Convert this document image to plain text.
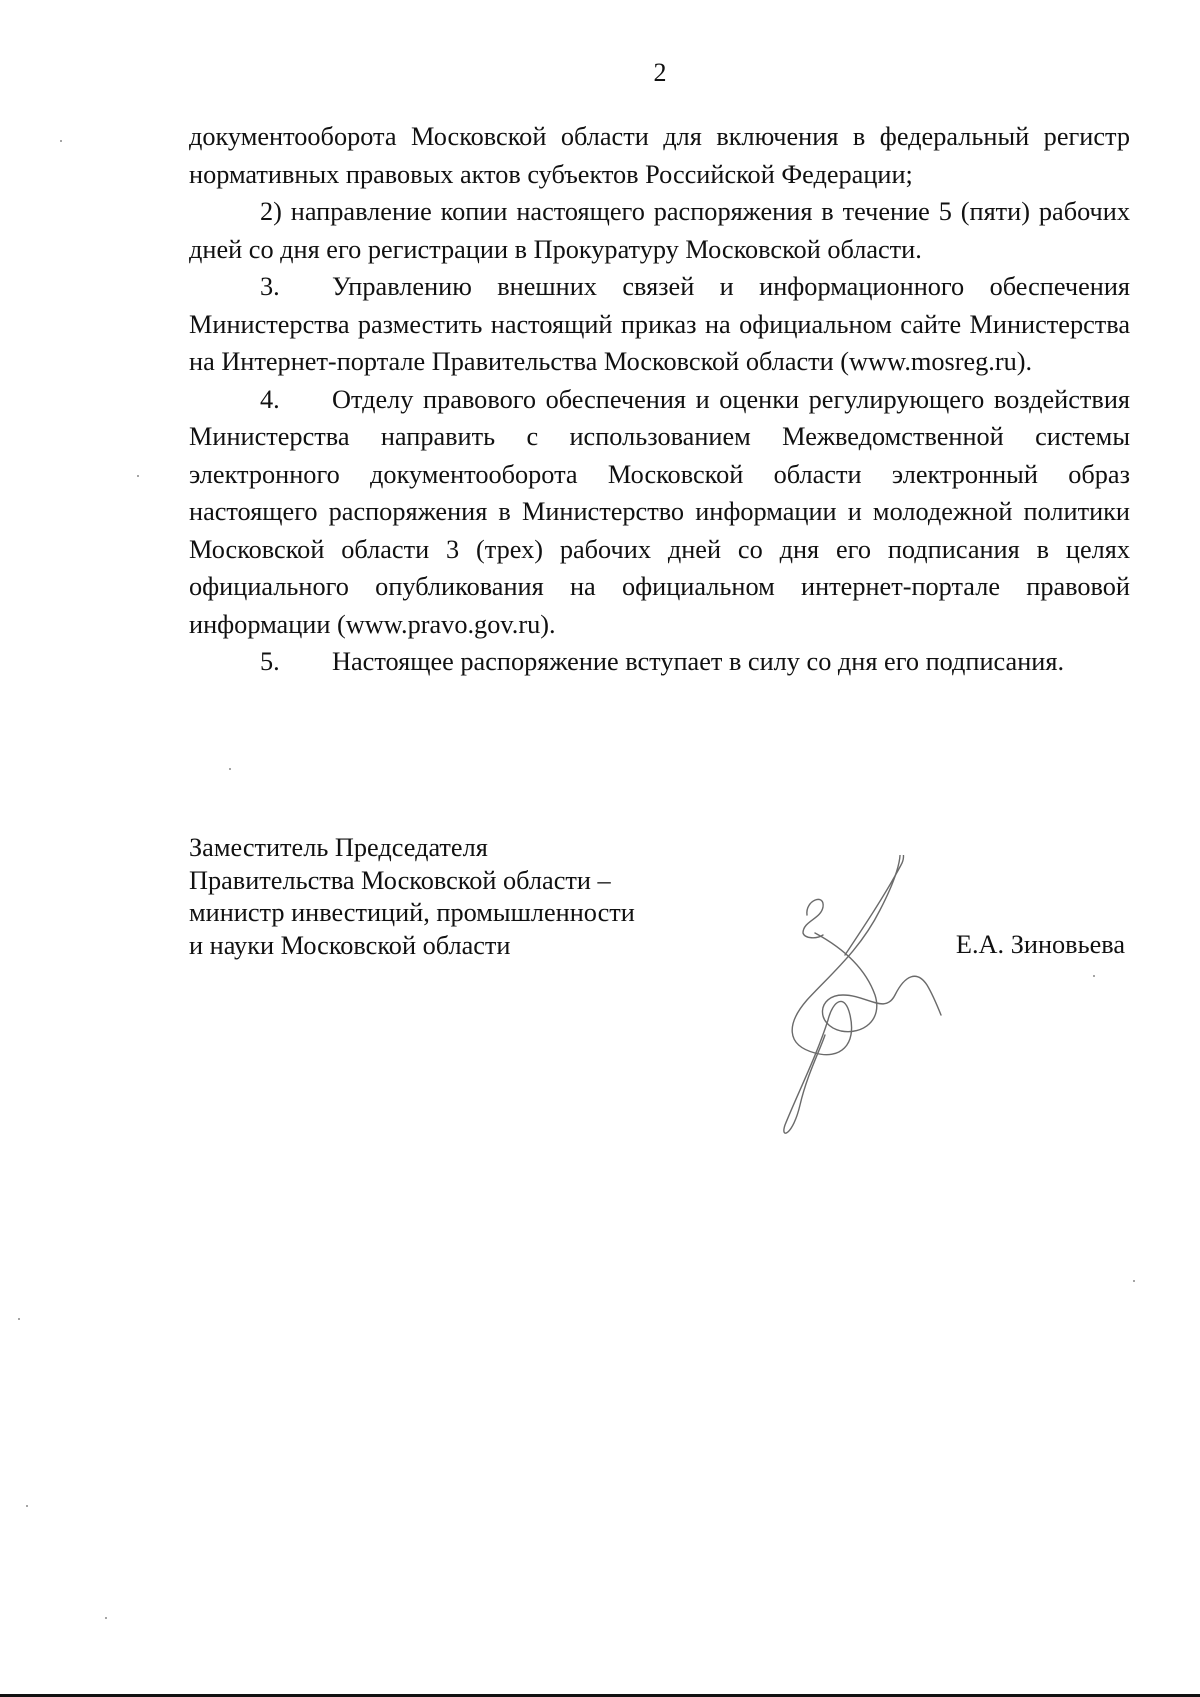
2

документооборота Московской области для включения в федеральный регистр нормативных правовых актов субъектов Российской Федерации;

2) направление копии настоящего распоряжения в течение 5 (пяти) рабочих дней со дня его регистрации в Прокуратуру Московской области.

3. Управлению внешних связей и информационного обеспечения Министерства разместить настоящий приказ на официальном сайте Министерства на Интернет-портале Правительства Московской области (www.mosreg.ru).

4. Отделу правового обеспечения и оценки регулирующего воздействия Министерства направить с использованием Межведомственной системы электронного документооборота Московской области электронный образ настоящего распоряжения в Министерство информации и молодежной политики Московской области 3 (трех) рабочих дней со дня его подписания в целях официального опубликования на официальном интернет-портале правовой информации (www.pravo.gov.ru).

5. Настоящее распоряжение вступает в силу со дня его подписания.

Заместитель Председателя
Правительства Московской области –
министр инвестиций, промышленности
и науки Московской области	Е.А. Зиновьева
